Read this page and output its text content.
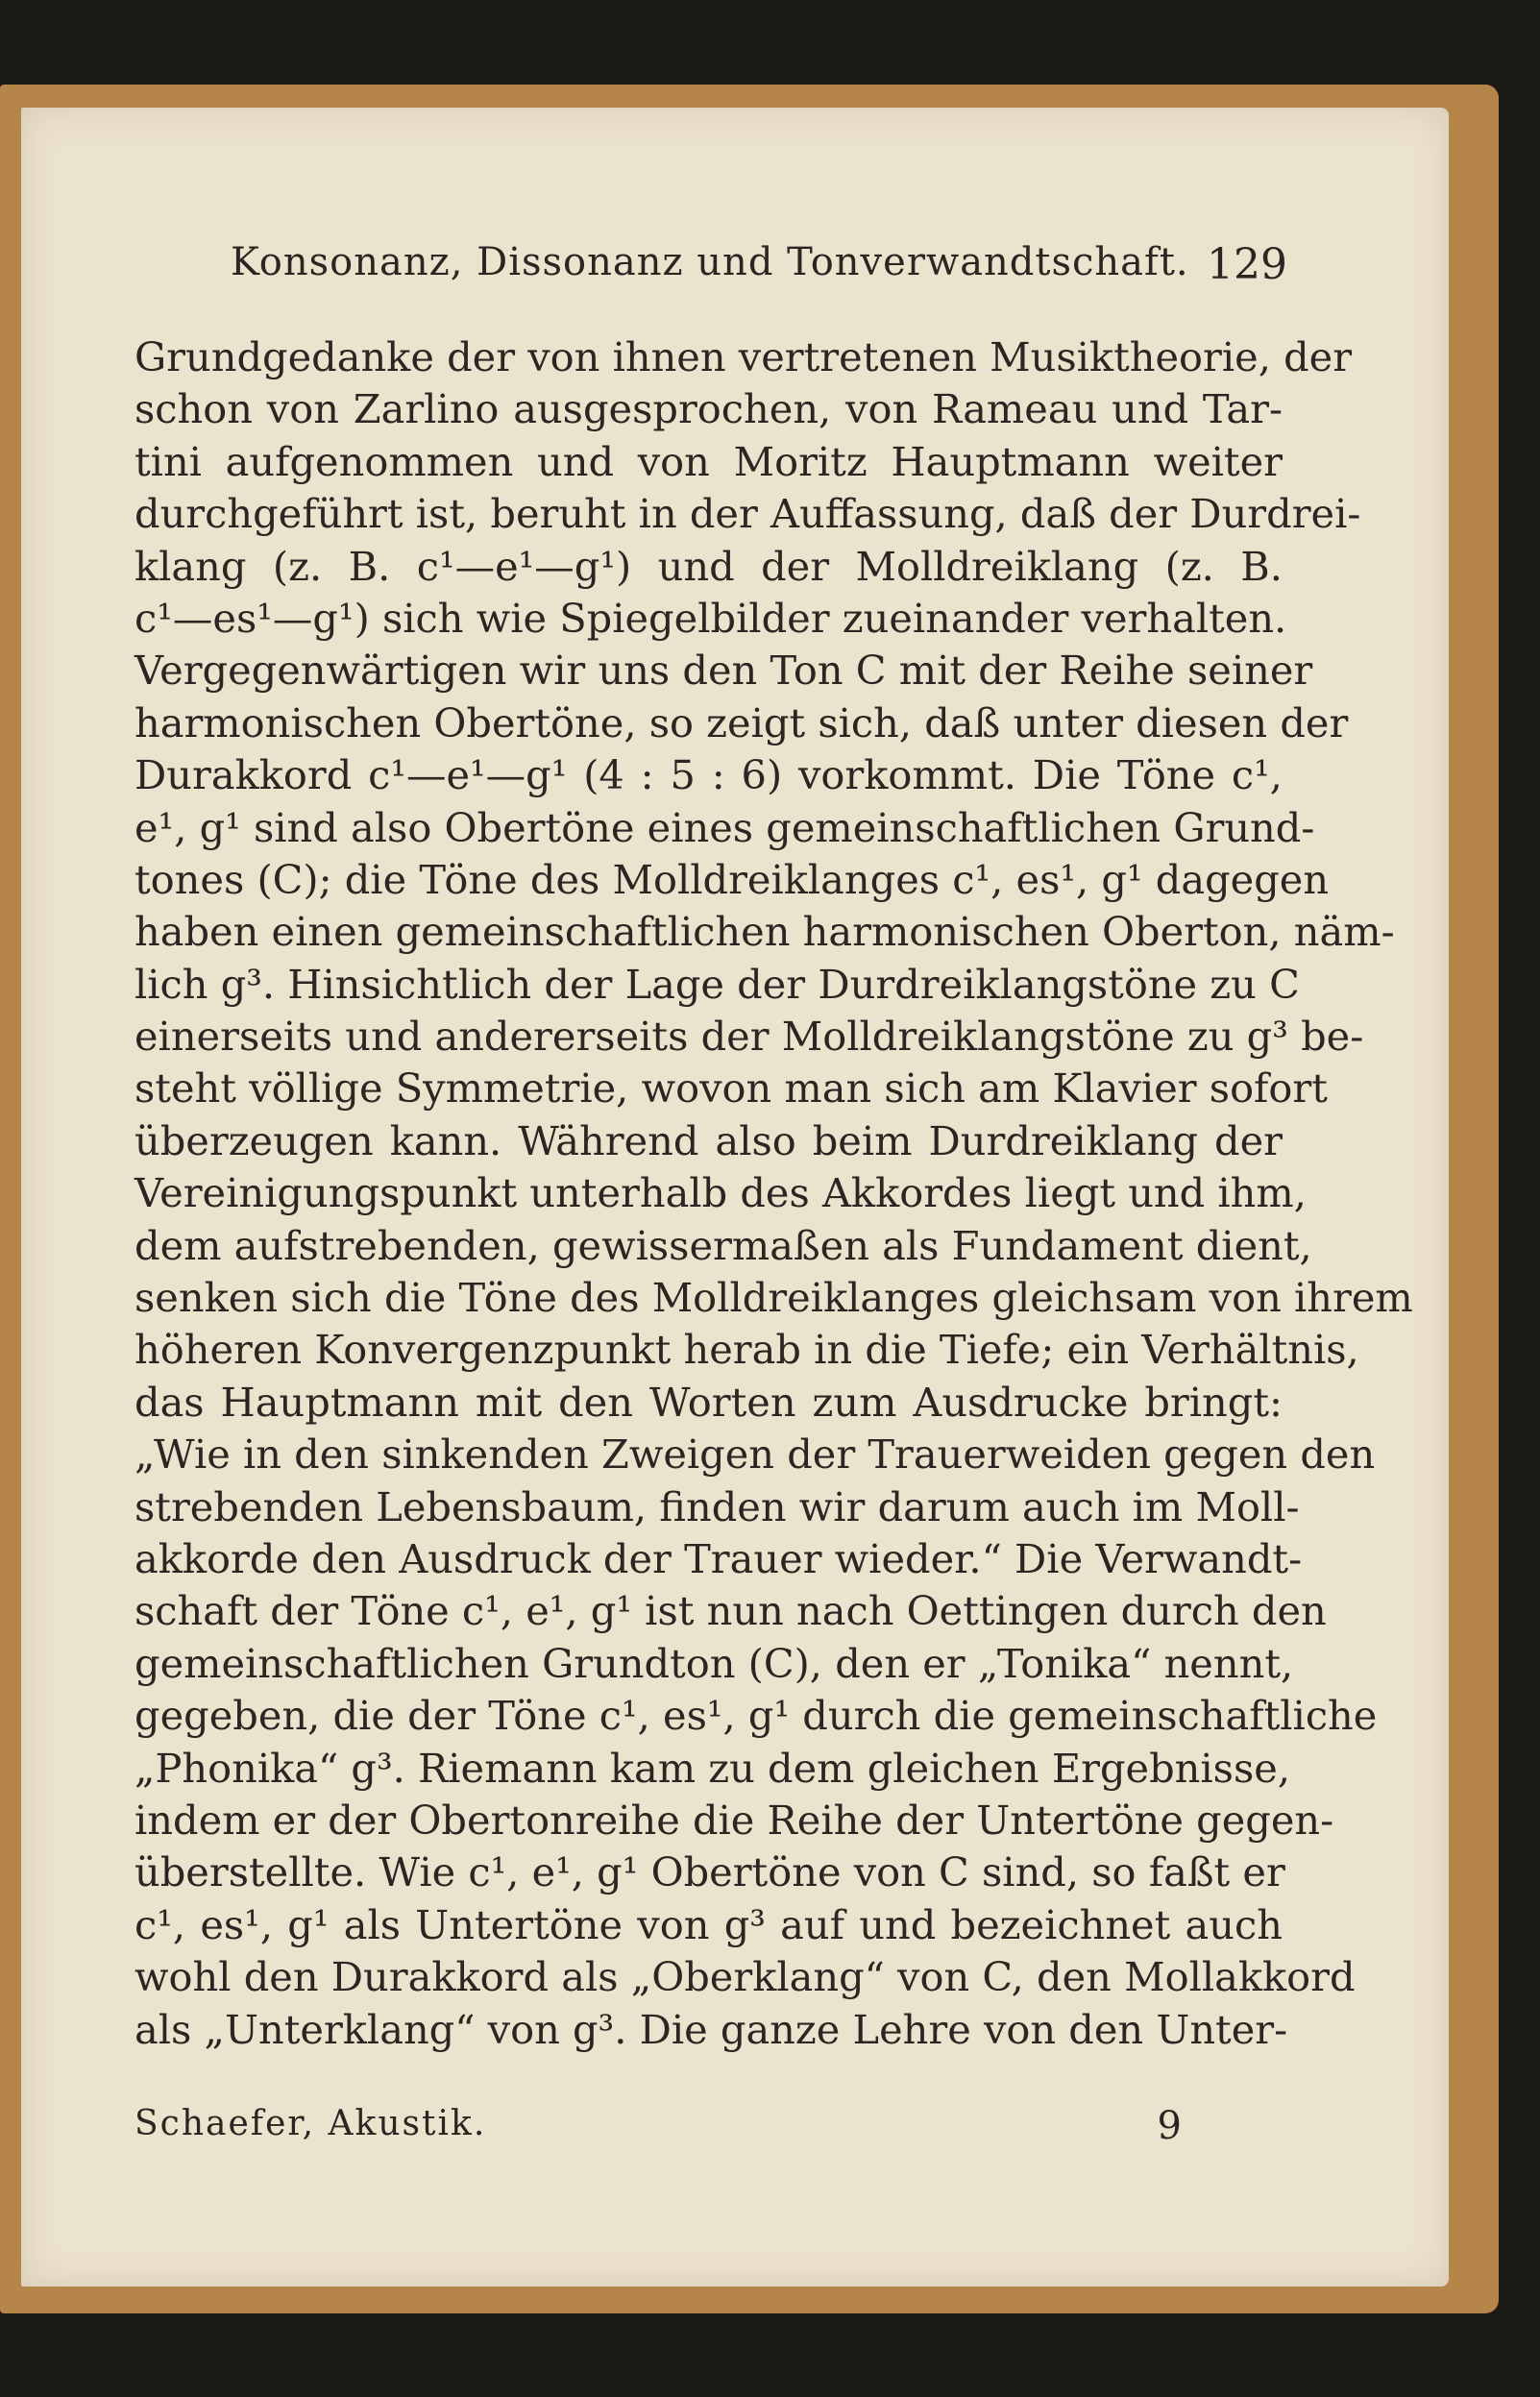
Konsonanz, Dissonanz und Tonverwandtschaft. 129
Grundgedanke der von ihnen vertretenen Musiktheorie, der
schon von Zarlino ausgesprochen, von Rameau und Tar-
tini aufgenommen und von Moritz Hauptmann weiter
durchgeführt ist, beruht in der Auffassung, daß der Durdrei-
klang (z. B. c¹—e¹—g¹) und der Molldreiklang (z. B.
c¹—es¹—g¹) sich wie Spiegelbilder zueinander verhalten.
Vergegenwärtigen wir uns den Ton C mit der Reihe seiner
harmonischen Obertöne, so zeigt sich, daß unter diesen der
Durakkord c¹—e¹—g¹ (4 : 5 : 6) vorkommt. Die Töne c¹,
e¹, g¹ sind also Obertöne eines gemeinschaftlichen Grund-
tones (C); die Töne des Molldreiklanges c¹, es¹, g¹ dagegen
haben einen gemeinschaftlichen harmonischen Oberton, näm-
lich g³. Hinsichtlich der Lage der Durdreiklangstöne zu C
einerseits und andererseits der Molldreiklangstöne zu g³ be-
steht völlige Symmetrie, wovon man sich am Klavier sofort
überzeugen kann. Während also beim Durdreiklang der
Vereinigungspunkt unterhalb des Akkordes liegt und ihm,
dem aufstrebenden, gewissermaßen als Fundament dient,
senken sich die Töne des Molldreiklanges gleichsam von ihrem
höheren Konvergenzpunkt herab in die Tiefe; ein Verhältnis,
das Hauptmann mit den Worten zum Ausdrucke bringt:
„Wie in den sinkenden Zweigen der Trauerweiden gegen den
strebenden Lebensbaum, finden wir darum auch im Moll-
akkorde den Ausdruck der Trauer wieder.“ Die Verwandt-
schaft der Töne c¹, e¹, g¹ ist nun nach Oettingen durch den
gemeinschaftlichen Grundton (C), den er „Tonika“ nennt,
gegeben, die der Töne c¹, es¹, g¹ durch die gemeinschaftliche
„Phonika“ g³. Riemann kam zu dem gleichen Ergebnisse,
indem er der Obertonreihe die Reihe der Untertöne gegen-
überstellte. Wie c¹, e¹, g¹ Obertöne von C sind, so faßt er
c¹, es¹, g¹ als Untertöne von g³ auf und bezeichnet auch
wohl den Durakkord als „Oberklang“ von C, den Mollakkord
als „Unterklang“ von g³. Die ganze Lehre von den Unter-
Schaefer, Akustik.	9
